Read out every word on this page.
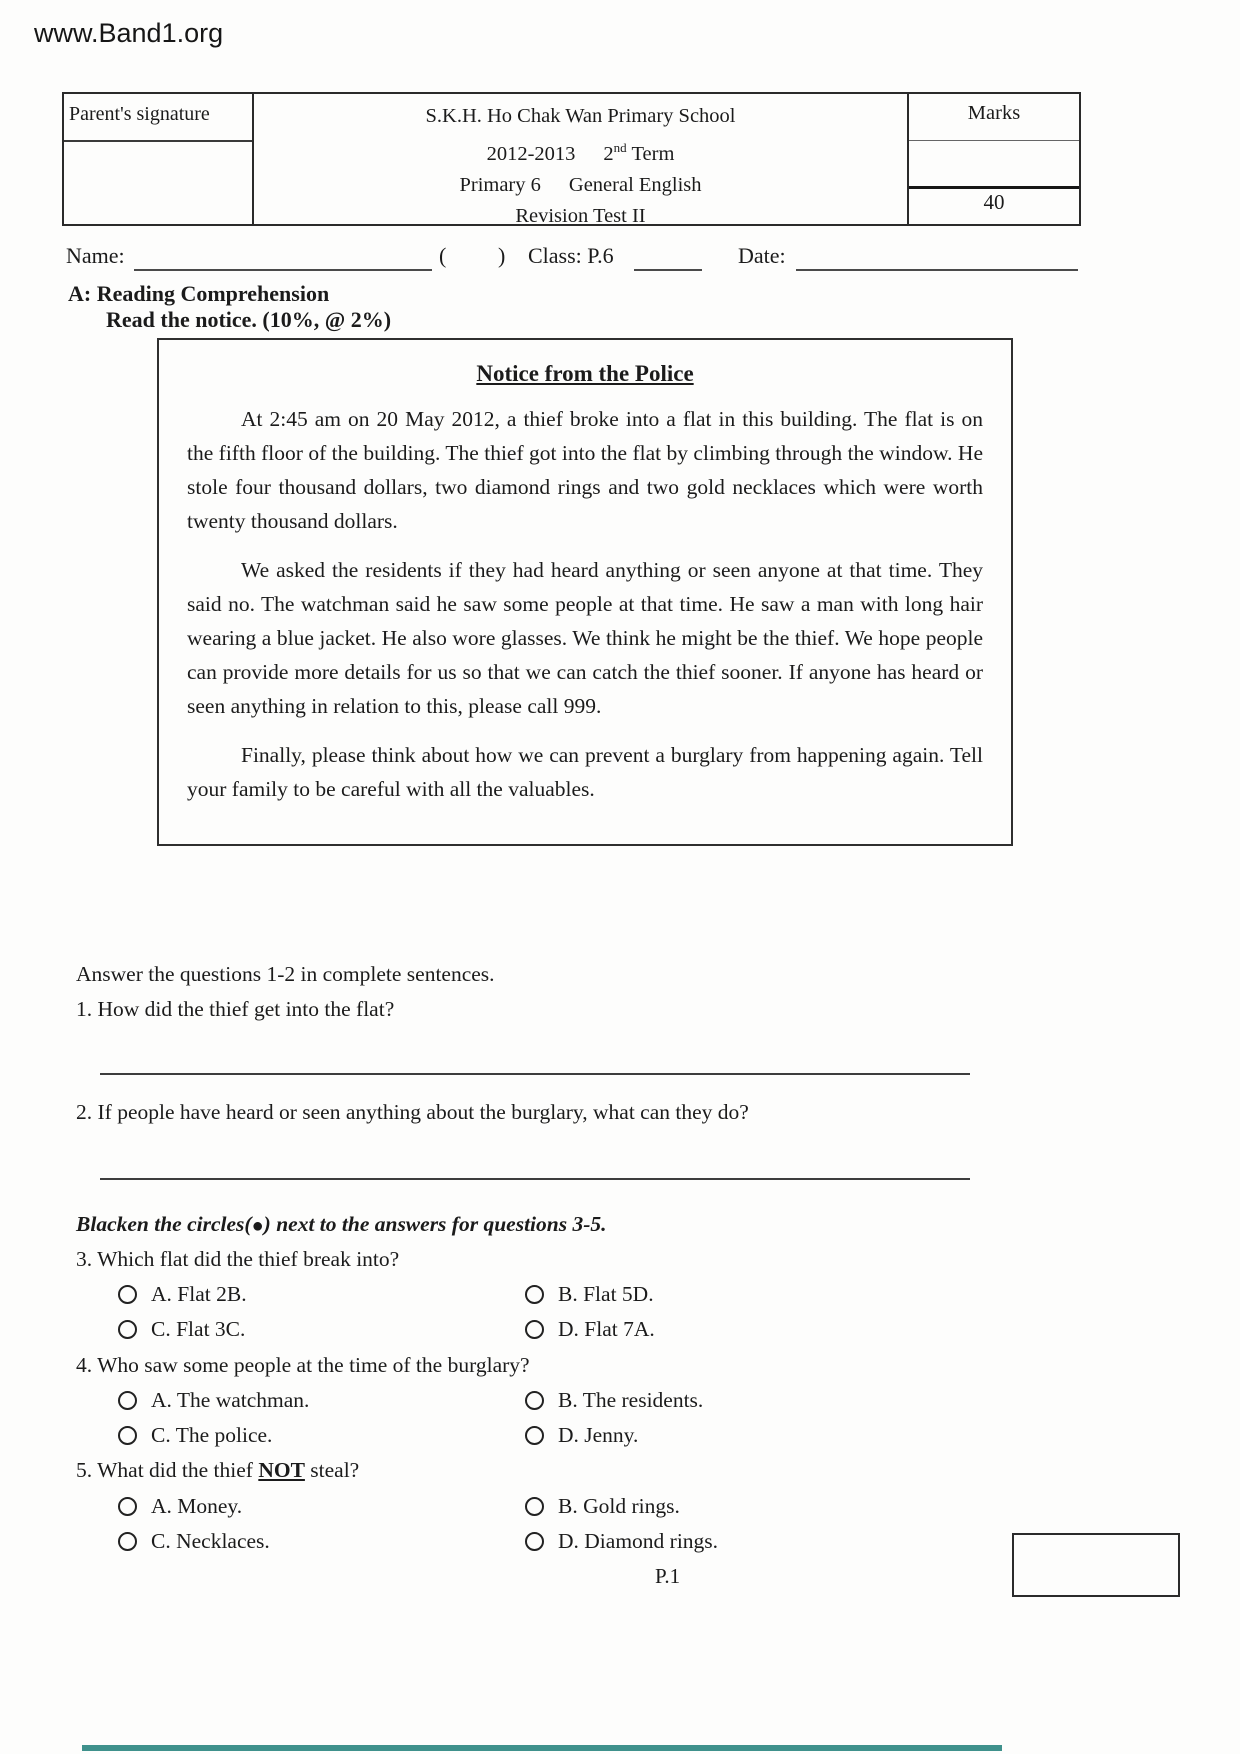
www.Band1.org
Parent's signature	S.K.H. Ho Chak Wan Primary School
2012-2013 2nd Term
Primary 6 General English
Revision Test II
Marks
40
Name:	( ) Class: P.6	Date:
A: Reading Comprehension
Read the notice. (10%, @ 2%)
Notice from the Police

At 2:45 am on 20 May 2012, a thief broke into a flat in this building. The flat is on the fifth floor of the building. The thief got into the flat by climbing through the window. He stole four thousand dollars, two diamond rings and two gold necklaces which were worth twenty thousand dollars.

We asked the residents if they had heard anything or seen anyone at that time. They said no. The watchman said he saw some people at that time. He saw a man with long hair wearing a blue jacket. He also wore glasses. We think he might be the thief. We hope people can provide more details for us so that we can catch the thief sooner. If anyone has heard or seen anything in relation to this, please call 999.

Finally, please think about how we can prevent a burglary from happening again. Tell your family to be careful with all the valuables.

Answer the questions 1-2 in complete sentences.
1. How did the thief get into the flat?
2. If people have heard or seen anything about the burglary, what can they do?
Blacken the circles(●) next to the answers for questions 3-5.
3. Which flat did the thief break into?
A. Flat 2B.	B. Flat 5D.
C. Flat 3C.	D. Flat 7A.
4. Who saw some people at the time of the burglary?
A. The watchman.	B. The residents.
C. The police.	D. Jenny.
5. What did the thief NOT steal?
A. Money.	B. Gold rings.
C. Necklaces.	D. Diamond rings.
P.1
